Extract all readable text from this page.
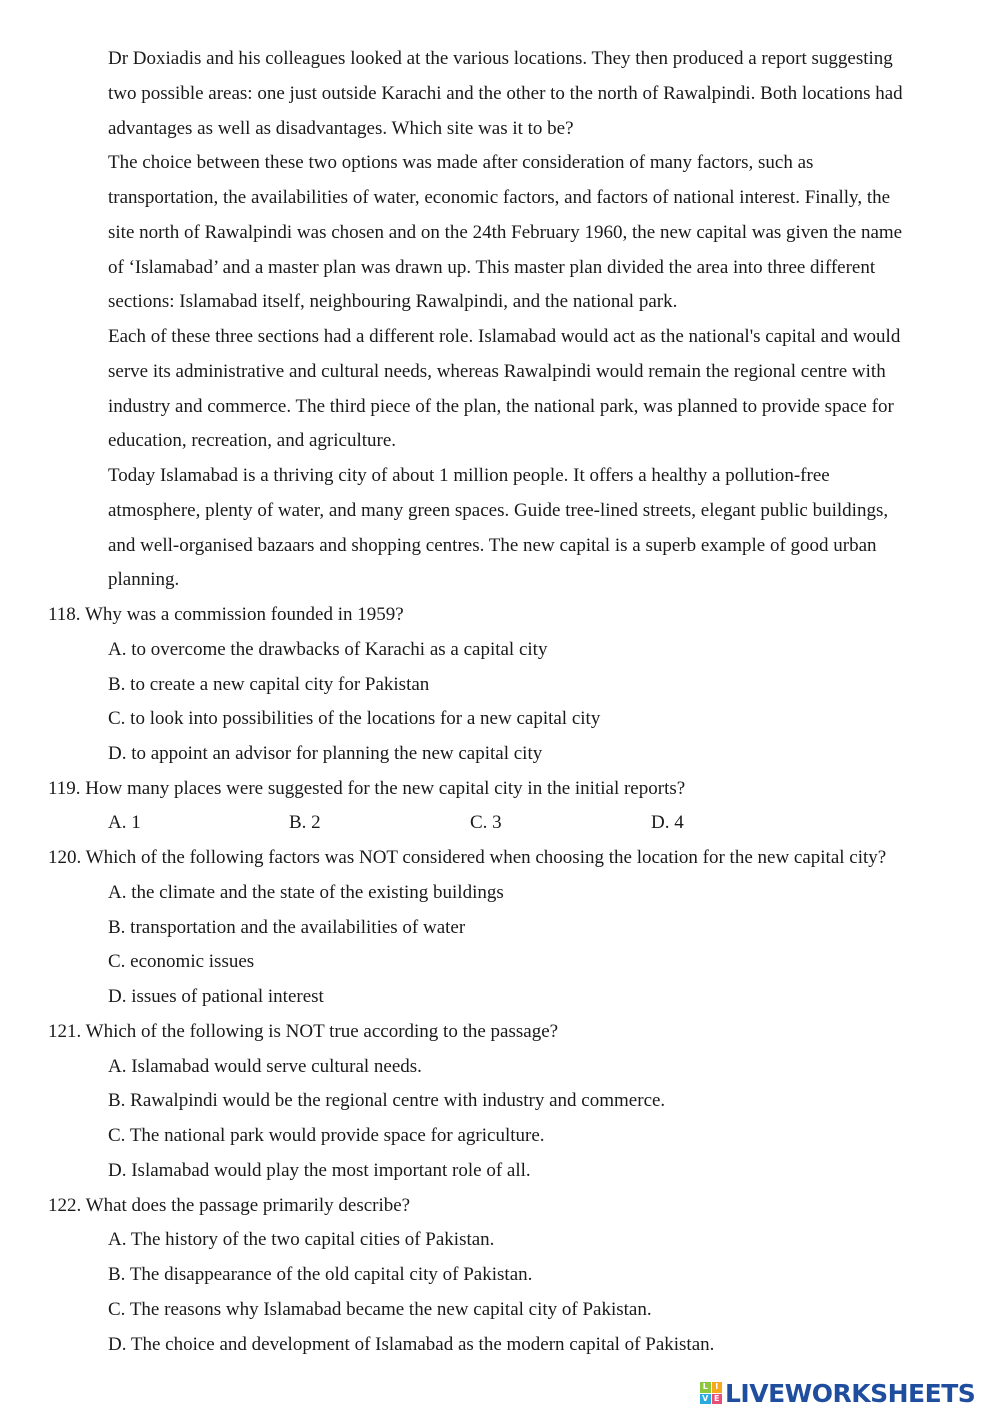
Dr Doxiadis and his colleagues looked at the various locations. They then produced a report suggesting
two possible areas: one just outside Karachi and the other to the north of Rawalpindi. Both locations had
advantages as well as disadvantages. Which site was it to be?
The choice between these two options was made after consideration of many factors, such as
transportation, the availabilities of water, economic factors, and factors of national interest. Finally, the
site north of Rawalpindi was chosen and on the 24th February 1960, the new capital was given the name
of ‘Islamabad’ and a master plan was drawn up. This master plan divided the area into three different
sections: Islamabad itself, neighbouring Rawalpindi, and the national park.
Each of these three sections had a different role. Islamabad would act as the national's capital and would
serve its administrative and cultural needs, whereas Rawalpindi would remain the regional centre with
industry and commerce. The third piece of the plan, the national park, was planned to provide space for
education, recreation, and agriculture.
Today Islamabad is a thriving city of about 1 million people. It offers a healthy a pollution-free
atmosphere, plenty of water, and many green spaces. Guide tree-lined streets, elegant public buildings,
and well-organised bazaars and shopping centres. The new capital is a superb example of good urban
planning.
118. Why was a commission founded in 1959?
A. to overcome the drawbacks of Karachi as a capital city
B. to create a new capital city for Pakistan
C. to look into possibilities of the locations for a new capital city
D. to appoint an advisor for planning the new capital city
119. How many places were suggested for the new capital city in the initial reports?
A. 1	B. 2	C. 3	D. 4
120. Which of the following factors was NOT considered when choosing the location for the new capital city?
A. the climate and the state of the existing buildings
B. transportation and the availabilities of water
C. economic issues
D. issues of pational interest
121. Which of the following is NOT true according to the passage?
A. Islamabad would serve cultural needs.
B. Rawalpindi would be the regional centre with industry and commerce.
C. The national park would provide space for agriculture.
D. Islamabad would play the most important role of all.
122. What does the passage primarily describe?
A. The history of the two capital cities of Pakistan.
B. The disappearance of the old capital city of Pakistan.
C. The reasons why Islamabad became the new capital city of Pakistan.
D. The choice and development of Islamabad as the modern capital of Pakistan.
L I
V E LIVEWORKSHEETS
